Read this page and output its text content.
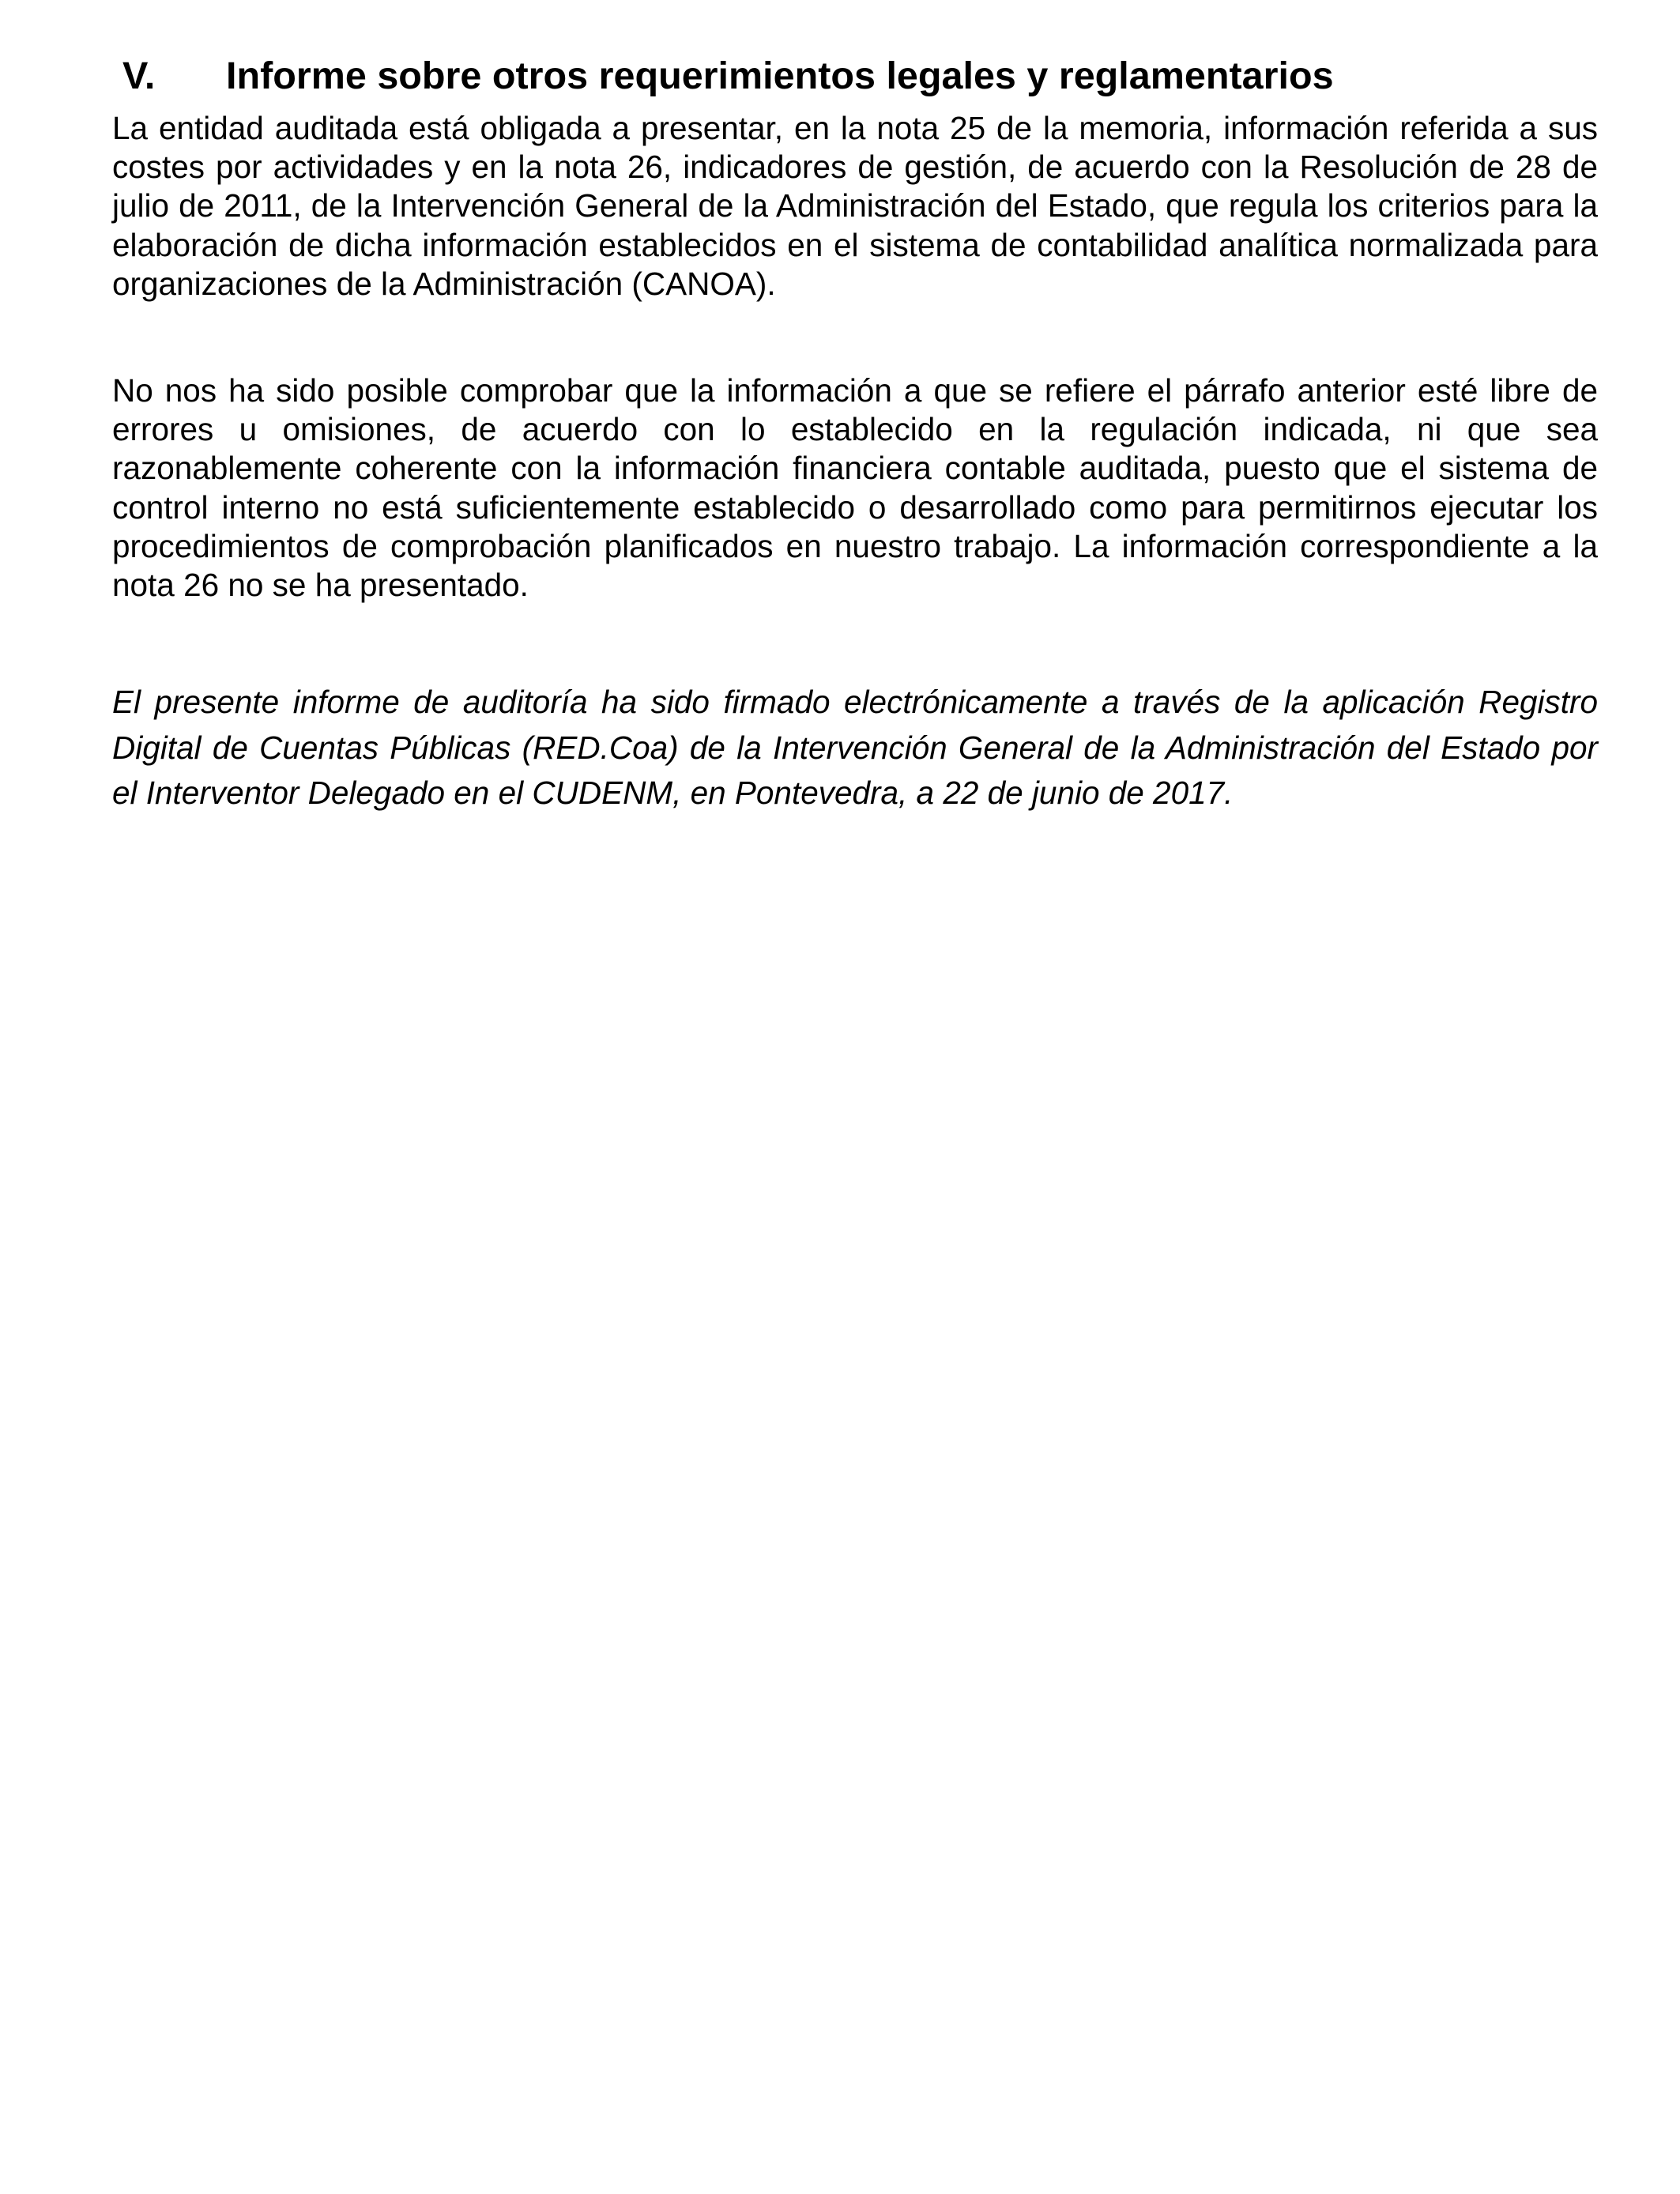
V. Informe sobre otros requerimientos legales y reglamentarios

La entidad auditada está obligada a presentar, en la nota 25 de la memoria, información referida a sus costes por actividades y en la nota 26, indicadores de gestión, de acuerdo con la Resolución de 28 de julio de 2011, de la Intervención General de la Administración del Estado, que regula los criterios para la elaboración de dicha información establecidos en el sistema de contabilidad analítica normalizada para organizaciones de la Administración (CANOA).

No nos ha sido posible comprobar que la información a que se refiere el párrafo anterior esté libre de errores u omisiones, de acuerdo con lo establecido en la regulación indicada, ni que sea razonablemente coherente con la información financiera contable auditada, puesto que el sistema de control interno no está suficientemente establecido o desarrollado como para permitirnos ejecutar los procedimientos de comprobación planificados en nuestro trabajo. La información correspondiente a la nota 26 no se ha presentado.

El presente informe de auditoría ha sido firmado electrónicamente a través de la aplicación Registro Digital de Cuentas Públicas (RED.Coa) de la Intervención General de la Administración del Estado por el Interventor Delegado en el CUDENM, en Pontevedra, a 22 de junio de 2017.
